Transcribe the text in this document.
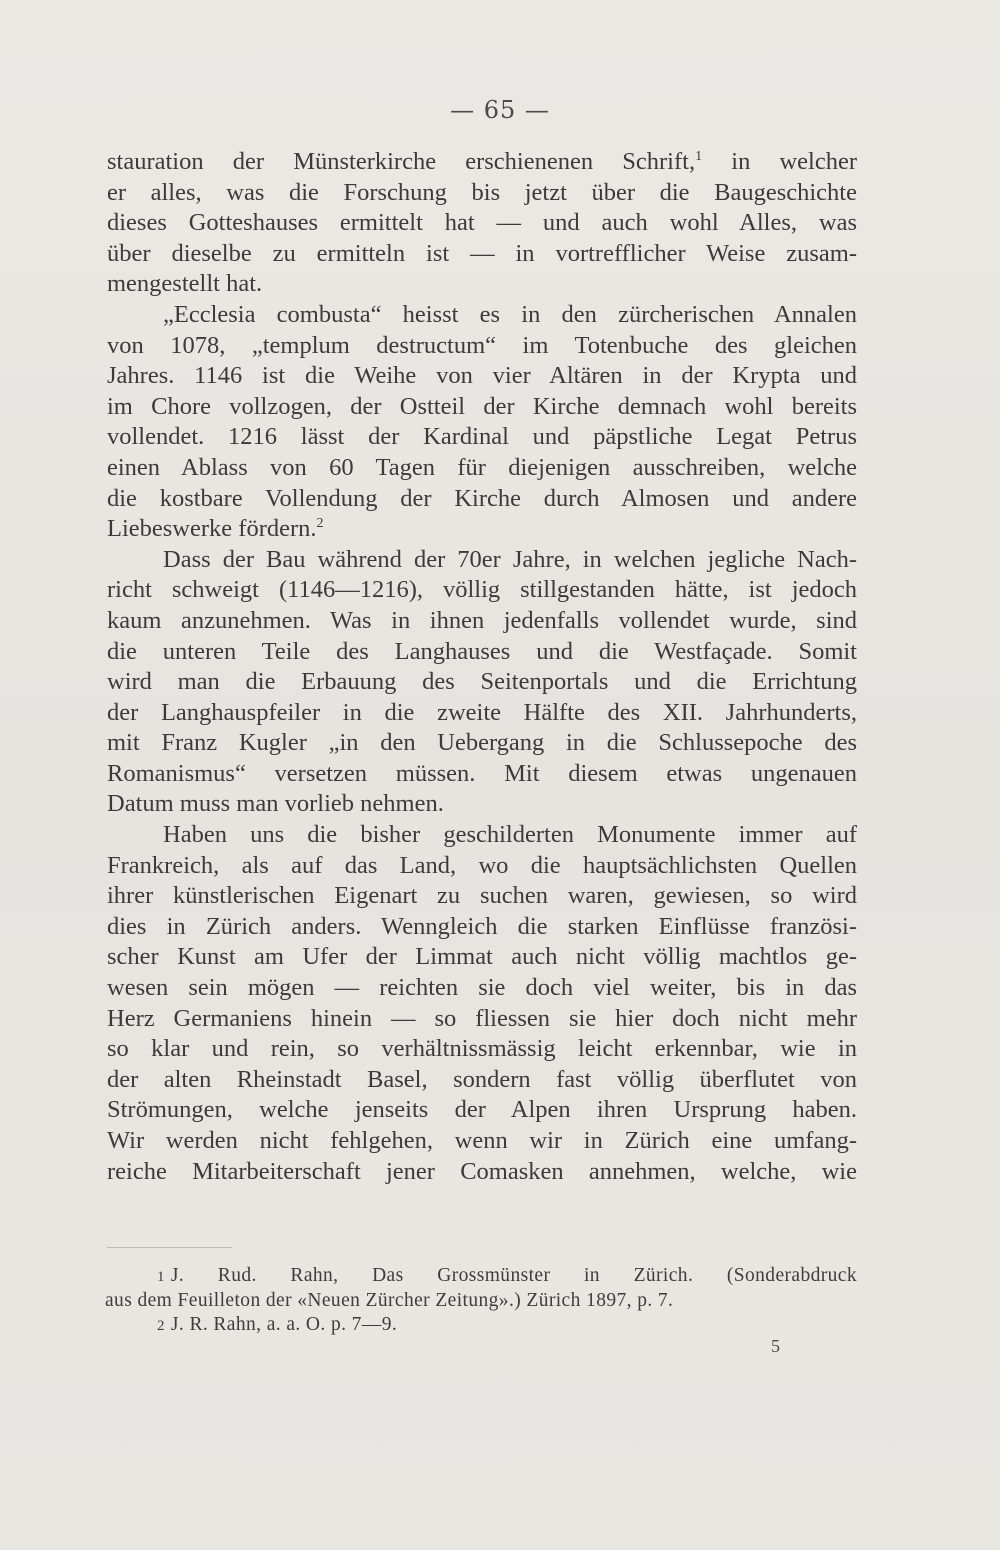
— 65 —
stauration der Münsterkirche erschienenen Schrift,$^1$ in welcher
er alles, was die Forschung bis jetzt über die Baugeschichte
dieses Gotteshauses ermittelt hat — und auch wohl Alles, was
über dieselbe zu ermitteln ist — in vortrefflicher Weise zusam-
mengestellt hat.
„Ecclesia combusta“ heisst es in den zürcherischen Annalen
von 1078, „templum destructum“ im Totenbuche des gleichen
Jahres. 1146 ist die Weihe von vier Altären in der Krypta und
im Chore vollzogen, der Ostteil der Kirche demnach wohl bereits
vollendet. 1216 lässt der Kardinal und päpstliche Legat Petrus
einen Ablass von 60 Tagen für diejenigen ausschreiben, welche
die kostbare Vollendung der Kirche durch Almosen und andere
Liebeswerke fördern.$^2$
Dass der Bau während der 70er Jahre, in welchen jegliche Nach-
richt schweigt (1146—1216), völlig stillgestanden hätte, ist jedoch
kaum anzunehmen. Was in ihnen jedenfalls vollendet wurde, sind
die unteren Teile des Langhauses und die Westfaçade. Somit
wird man die Erbauung des Seitenportals und die Errichtung
der Langhauspfeiler in die zweite Hälfte des XII. Jahrhunderts,
mit Franz Kugler „in den Uebergang in die Schlussepoche des
Romanismus“ versetzen müssen. Mit diesem etwas ungenauen
Datum muss man vorlieb nehmen.
Haben uns die bisher geschilderten Monumente immer auf
Frankreich, als auf das Land, wo die hauptsächlichsten Quellen
ihrer künstlerischen Eigenart zu suchen waren, gewiesen, so wird
dies in Zürich anders. Wenngleich die starken Einflüsse französi-
scher Kunst am Ufer der Limmat auch nicht völlig machtlos ge-
wesen sein mögen — reichten sie doch viel weiter, bis in das
Herz Germaniens hinein — so fliessen sie hier doch nicht mehr
so klar und rein, so verhältnissmässig leicht erkennbar, wie in
der alten Rheinstadt Basel, sondern fast völlig überflutet von
Strömungen, welche jenseits der Alpen ihren Ursprung haben.
Wir werden nicht fehlgehen, wenn wir in Zürich eine umfang-
reiche Mitarbeiterschaft jener Comasken annehmen, welche, wie
1 J. Rud. Rahn, Das Grossmünster in Zürich. (Sonderabdruck
aus dem Feuilleton der «Neuen Zürcher Zeitung».) Zürich 1897, p. 7.
2 J. R. Rahn, a. a. O. p. 7—9.
5
